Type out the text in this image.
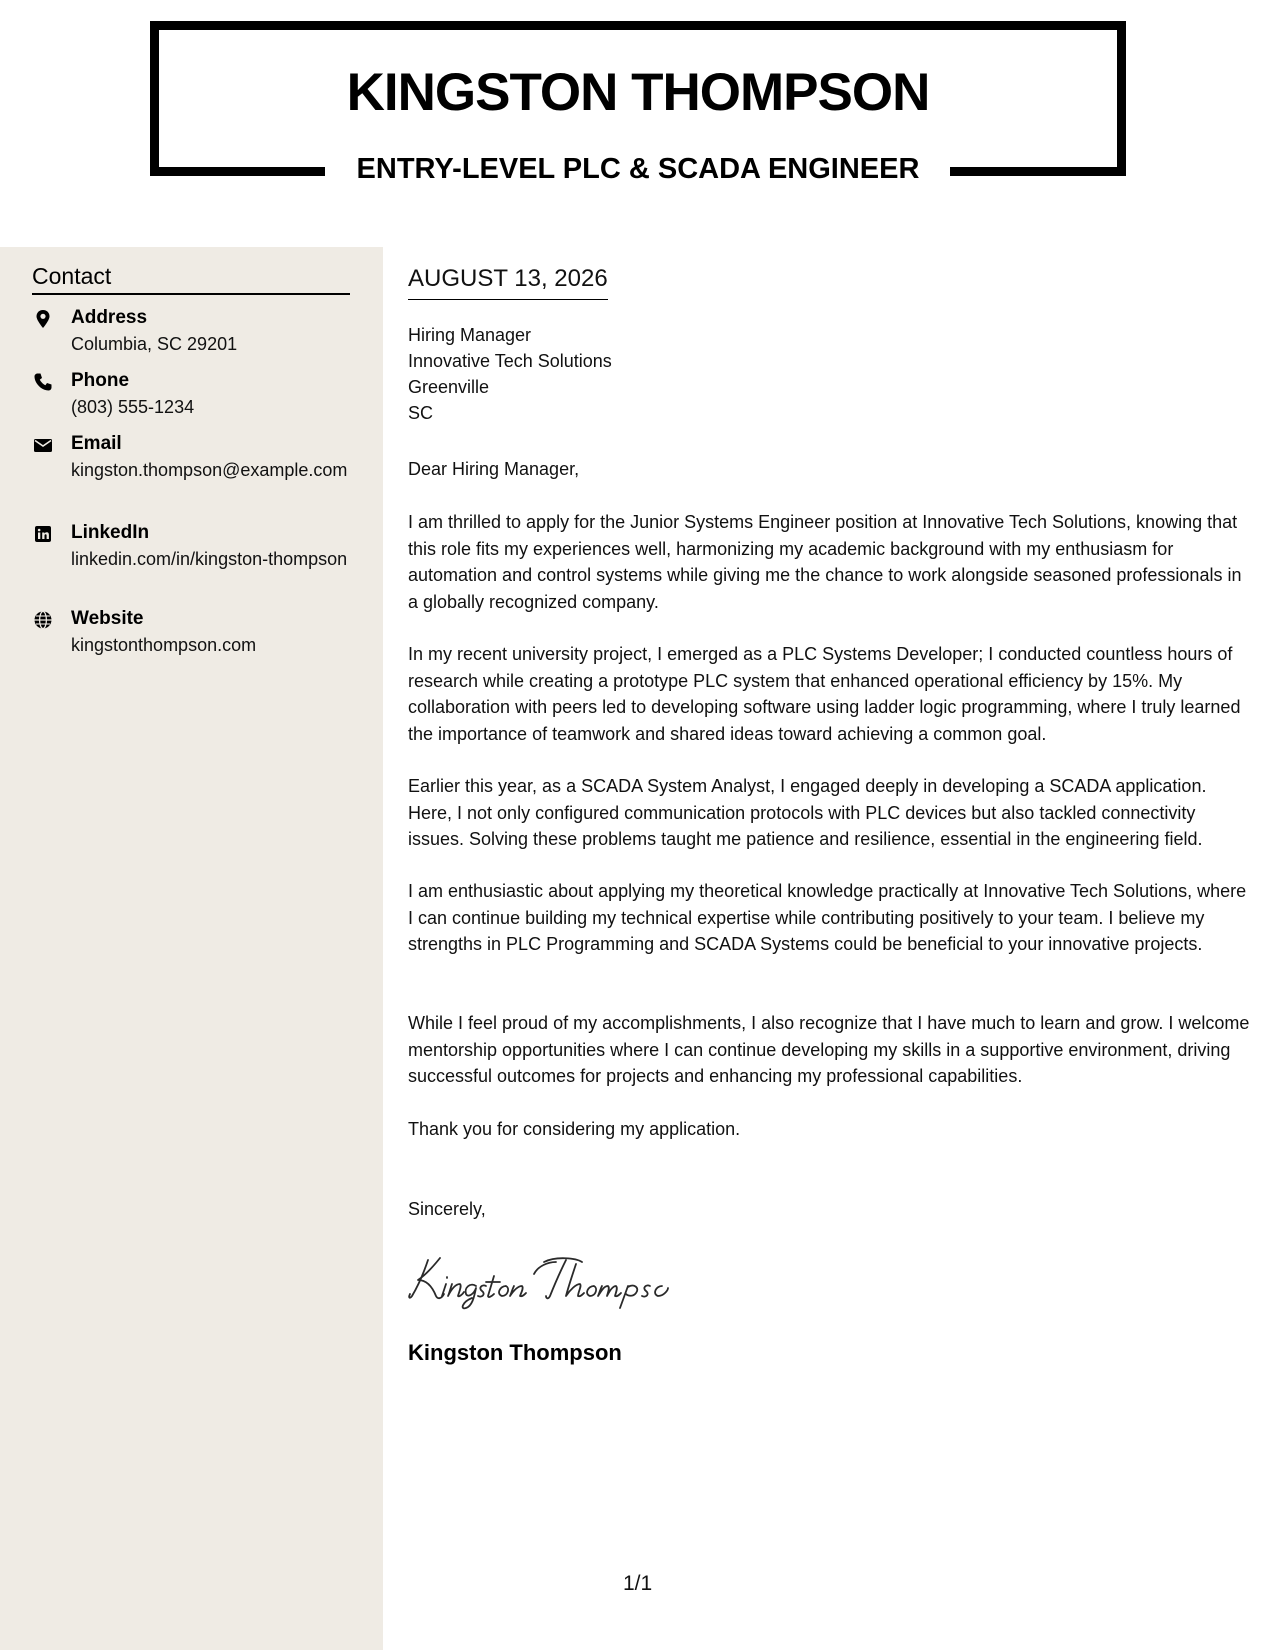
KINGSTON THOMPSON
ENTRY-LEVEL PLC & SCADA ENGINEER
Contact
Address
Columbia, SC 29201
Phone
(803) 555-1234
Email
kingston.thompson@example.com
LinkedIn
linkedin.com/in/kingston-thompson
Website
kingstonthompson.com
AUGUST 13, 2026
Hiring Manager
Innovative Tech Solutions
Greenville
SC

Dear Hiring Manager,

I am thrilled to apply for the Junior Systems Engineer position at Innovative Tech Solutions, knowing that this role fits my experiences well, harmonizing my academic background with my enthusiasm for automation and control systems while giving me the chance to work alongside seasoned professionals in a globally recognized company.

In my recent university project, I emerged as a PLC Systems Developer; I conducted countless hours of research while creating a prototype PLC system that enhanced operational efficiency by 15%. My collaboration with peers led to developing software using ladder logic programming, where I truly learned the importance of teamwork and shared ideas toward achieving a common goal.

Earlier this year, as a SCADA System Analyst, I engaged deeply in developing a SCADA application. Here, I not only configured communication protocols with PLC devices but also tackled connectivity issues. Solving these problems taught me patience and resilience, essential in the engineering field.

I am enthusiastic about applying my theoretical knowledge practically at Innovative Tech Solutions, where I can continue building my technical expertise while contributing positively to your team. I believe my strengths in PLC Programming and SCADA Systems could be beneficial to your innovative projects.

While I feel proud of my accomplishments, I also recognize that I have much to learn and grow. I welcome mentorship opportunities where I can continue developing my skills in a supportive environment, driving successful outcomes for projects and enhancing my professional capabilities.

Thank you for considering my application.

Sincerely,

Kingston Thompson
1/1
